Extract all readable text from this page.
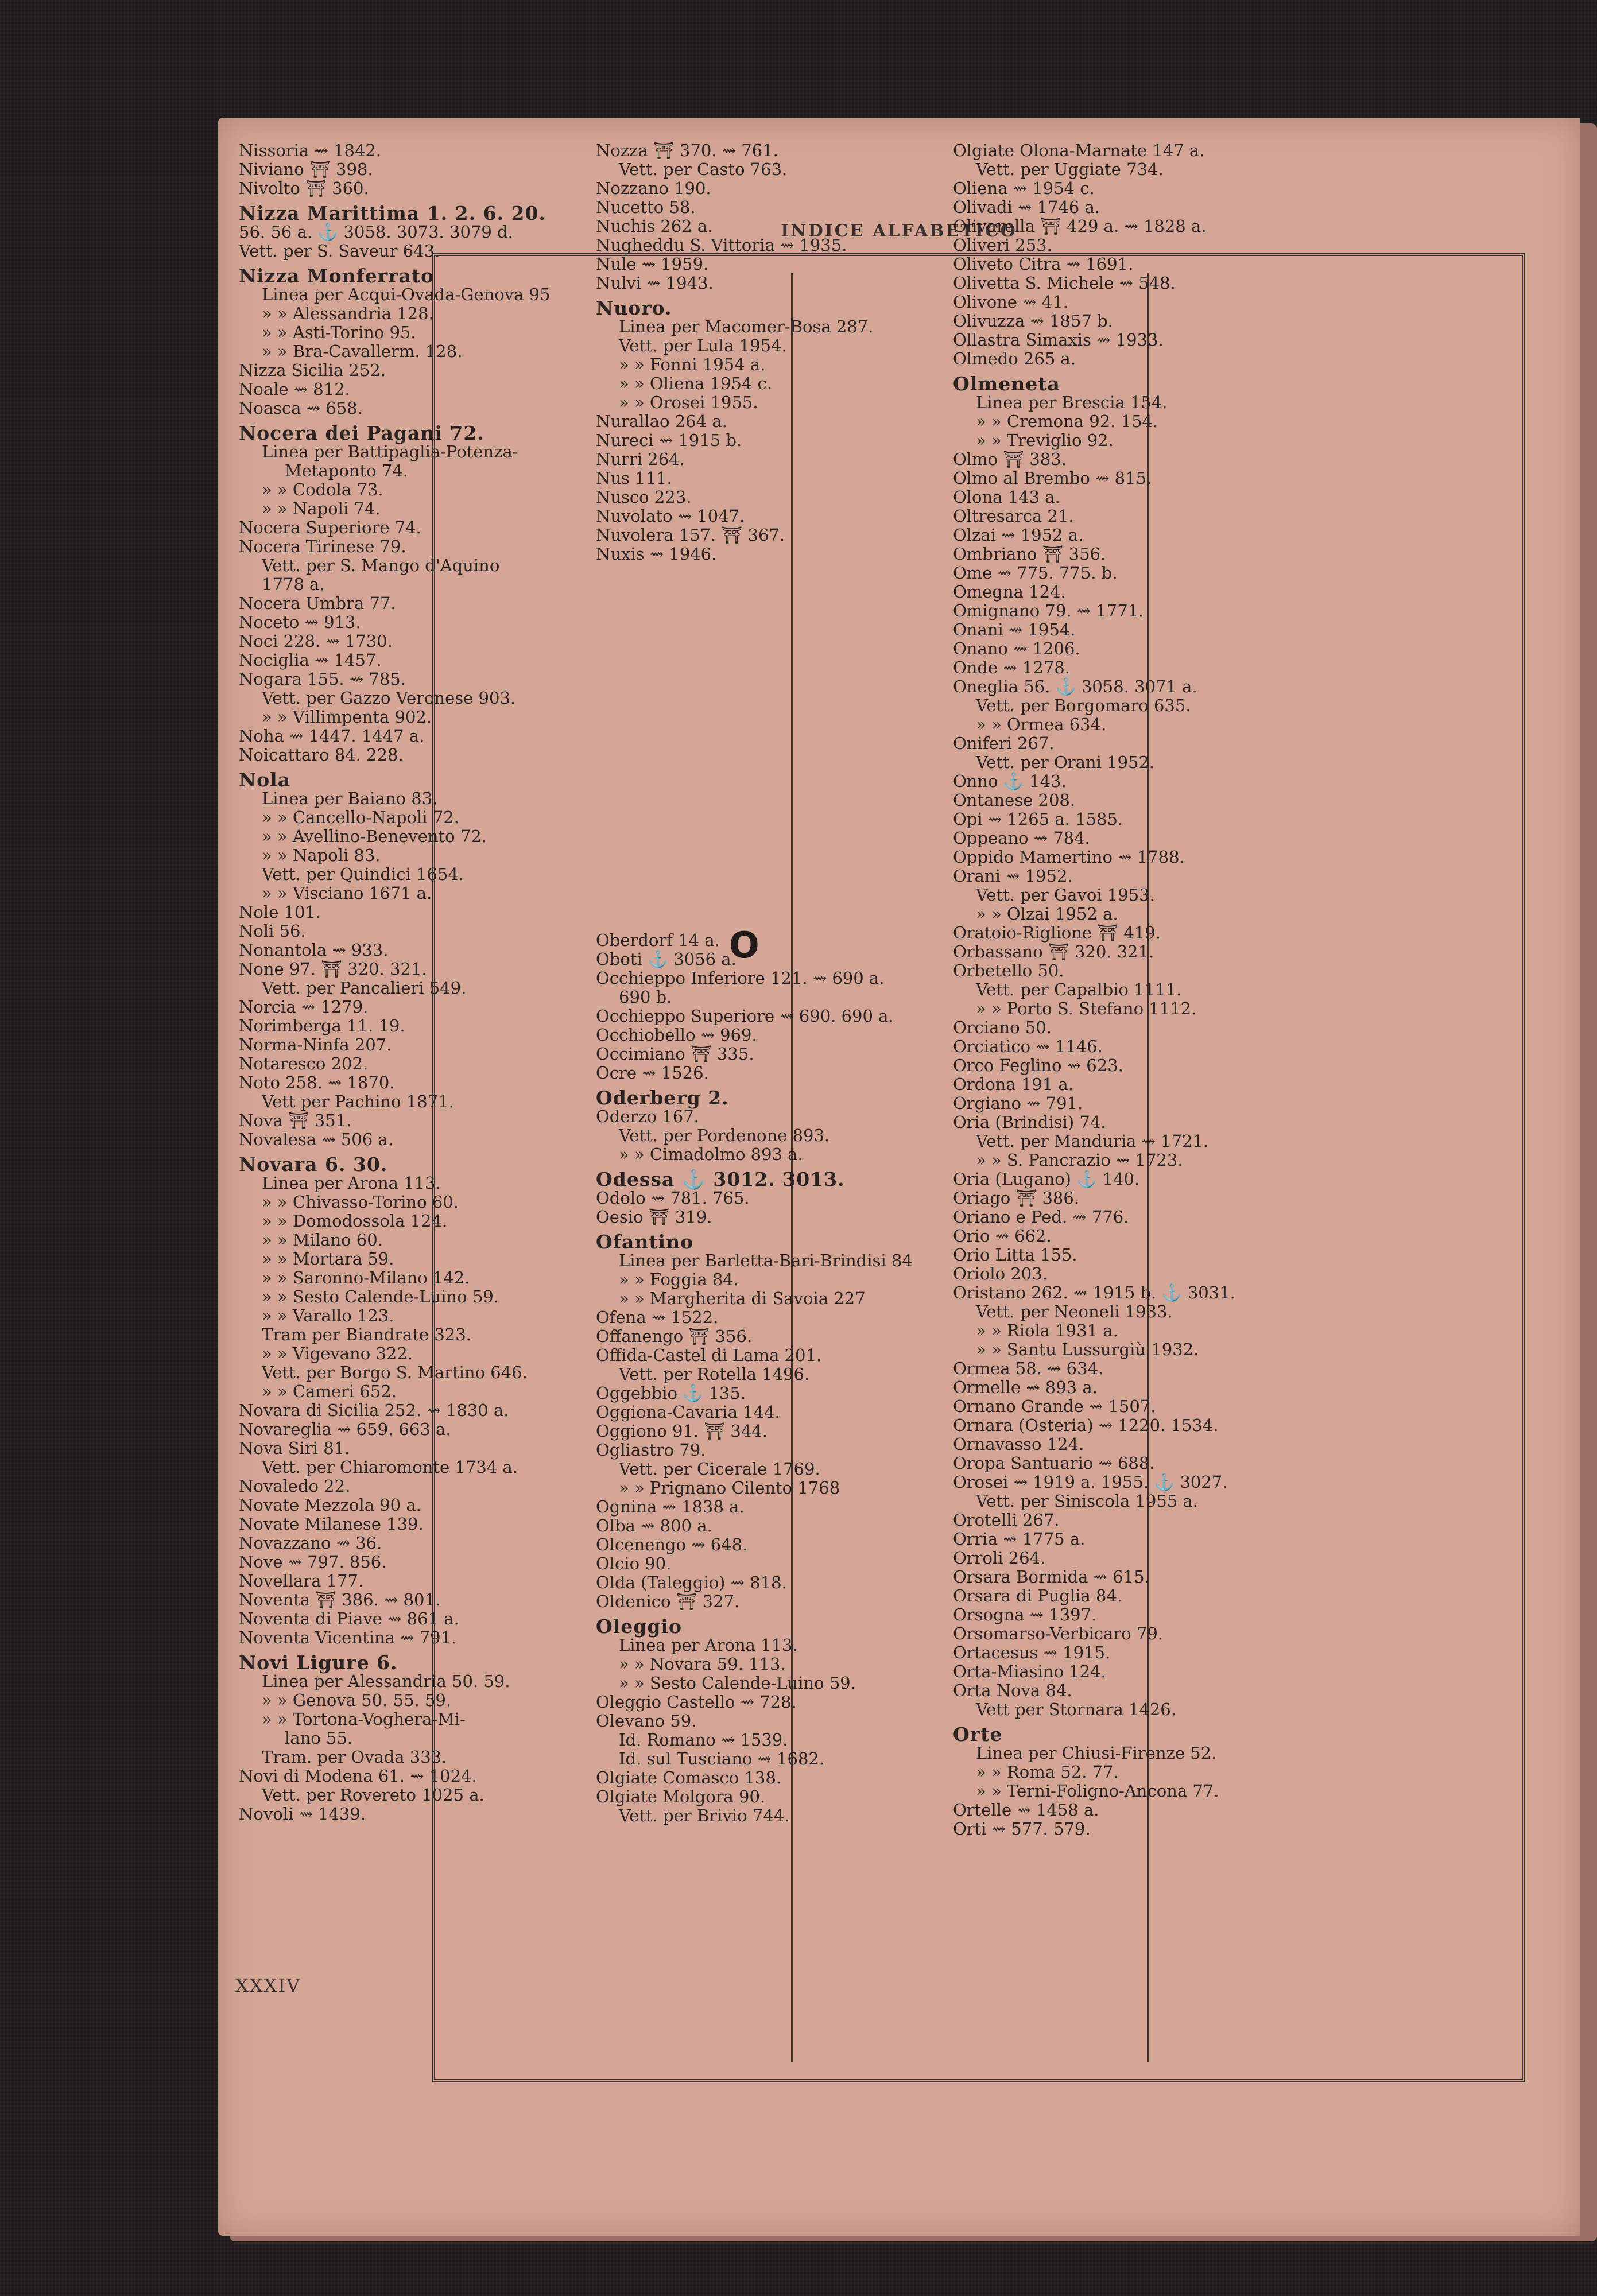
INDICE ALFABETICO
Nissoria ⇝ 1842.
Niviano ⛩ 398.
Nivolto ⛩ 360.
Nizza Marittima 1. 2. 6. 20.
56. 56 a. ⚓ 3058. 3073. 3079 d.
Vett. per S. Saveur 643.
Nizza Monferrato
Linea per Acqui-Ovada-Genova 95
» » Alessandria 128.
» » Asti-Torino 95.
» » Bra-Cavallerm. 128.
Nizza Sicilia 252.
Noale ⇝ 812.
Noasca ⇝ 658.
Nocera dei Pagani 72.
Linea per Battipaglia-Potenza-
Metaponto 74.
» » Codola 73.
» » Napoli 74.
Nocera Superiore 74.
Nocera Tirinese 79.
Vett. per S. Mango d'Aquino
1778 a.
Nocera Umbra 77.
Noceto ⇝ 913.
Noci 228. ⇝ 1730.
Nociglia ⇝ 1457.
Nogara 155. ⇝ 785.
Vett. per Gazzo Veronese 903.
» » Villimpenta 902.
Noha ⇝ 1447. 1447 a.
Noicattaro 84. 228.
Nola
Linea per Baiano 83.
» » Cancello-Napoli 72.
» » Avellino-Benevento 72.
» » Napoli 83.
Vett. per Quindici 1654.
» » Visciano 1671 a.
Nole 101.
Noli 56.
Nonantola ⇝ 933.
None 97. ⛩ 320. 321.
Vett. per Pancalieri 549.
Norcia ⇝ 1279.
Norimberga 11. 19.
Norma-Ninfa 207.
Notaresco 202.
Noto 258. ⇝ 1870.
Vett per Pachino 1871.
Nova ⛩ 351.
Novalesa ⇝ 506 a.
Novara 6. 30.
Linea per Arona 113.
» » Chivasso-Torino 60.
» » Domodossola 124.
» » Milano 60.
» » Mortara 59.
» » Saronno-Milano 142.
» » Sesto Calende-Luino 59.
» » Varallo 123.
Tram per Biandrate 323.
» » Vigevano 322.
Vett. per Borgo S. Martino 646.
» » Cameri 652.
Novara di Sicilia 252. ⇝ 1830 a.
Novareglia ⇝ 659. 663 a.
Nova Siri 81.
Vett. per Chiaromonte 1734 a.
Novaledo 22.
Novate Mezzola 90 a.
Novate Milanese 139.
Novazzano ⇝ 36.
Nove ⇝ 797. 856.
Novellara 177.
Noventa ⛩ 386. ⇝ 801.
Noventa di Piave ⇝ 861 a.
Noventa Vicentina ⇝ 791.
Novi Ligure 6.
Linea per Alessandria 50. 59.
» » Genova 50. 55. 59.
» » Tortona-Voghera-Mi-
lano 55.
Tram. per Ovada 333.
Novi di Modena 61. ⇝ 1024.
Vett. per Rovereto 1025 a.
Novoli ⇝ 1439.
Nozza ⛩ 370. ⇝ 761.
Vett. per Casto 763.
Nozzano 190.
Nucetto 58.
Nuchis 262 a.
Nugheddu S. Vittoria ⇝ 1935.
Nule ⇝ 1959.
Nulvi ⇝ 1943.
Nuoro.
Linea per Macomer-Bosa 287.
Vett. per Lula 1954.
» » Fonni 1954 a.
» » Oliena 1954 c.
» » Orosei 1955.
Nurallao 264 a.
Nureci ⇝ 1915 b.
Nurri 264.
Nus 111.
Nusco 223.
Nuvolato ⇝ 1047.
Nuvolera 157. ⛩ 367.
Nuxis ⇝ 1946.
Oberdorf 14 a.
Oboti ⚓ 3056 a.
Occhieppo Inferiore 121. ⇝ 690 a.
690 b.
Occhieppo Superiore ⇝ 690. 690 a.
Occhiobello ⇝ 969.
Occimiano ⛩ 335.
Ocre ⇝ 1526.
Oderberg 2.
Oderzo 167.
Vett. per Pordenone 893.
» » Cimadolmo 893 a.
Odessa ⚓ 3012. 3013.
Odolo ⇝ 781. 765.
Oesio ⛩ 319.
Ofantino
Linea per Barletta-Bari-Brindisi 84
» » Foggia 84.
» » Margherita di Savoia 227
Ofena ⇝ 1522.
Offanengo ⛩ 356.
Offida-Castel di Lama 201.
Vett. per Rotella 1496.
Oggebbio ⚓ 135.
Oggiona-Cavaria 144.
Oggiono 91. ⛩ 344.
Ogliastro 79.
Vett. per Cicerale 1769.
» » Prignano Cilento 1768
Ognina ⇝ 1838 a.
Olba ⇝ 800 a.
Olcenengo ⇝ 648.
Olcio 90.
Olda (Taleggio) ⇝ 818.
Oldenico ⛩ 327.
Oleggio
Linea per Arona 113.
» » Novara 59. 113.
» » Sesto Calende-Luino 59.
Oleggio Castello ⇝ 728.
Olevano 59.
Id. Romano ⇝ 1539.
Id. sul Tusciano ⇝ 1682.
Olgiate Comasco 138.
Olgiate Molgora 90.
Vett. per Brivio 744.
Olgiate Olona-Marnate 147 a.
Vett. per Uggiate 734.
Oliena ⇝ 1954 c.
Olivadi ⇝ 1746 a.
Olivarella ⛩ 429 a. ⇝ 1828 a.
Oliveri 253.
Oliveto Citra ⇝ 1691.
Olivetta S. Michele ⇝ 548.
Olivone ⇝ 41.
Olivuzza ⇝ 1857 b.
Ollastra Simaxis ⇝ 1933.
Olmedo 265 a.
Olmeneta
Linea per Brescia 154.
» » Cremona 92. 154.
» » Treviglio 92.
Olmo ⛩ 383.
Olmo al Brembo ⇝ 815.
Olona 143 a.
Oltresarca 21.
Olzai ⇝ 1952 a.
Ombriano ⛩ 356.
Ome ⇝ 775. 775. b.
Omegna 124.
Omignano 79. ⇝ 1771.
Onani ⇝ 1954.
Onano ⇝ 1206.
Onde ⇝ 1278.
Oneglia 56. ⚓ 3058. 3071 a.
Vett. per Borgomaro 635.
» » Ormea 634.
Oniferi 267.
Vett. per Orani 1952.
Onno ⚓ 143.
Ontanese 208.
Opi ⇝ 1265 a. 1585.
Oppeano ⇝ 784.
Oppido Mamertino ⇝ 1788.
Orani ⇝ 1952.
Vett. per Gavoi 1953.
» » Olzai 1952 a.
Oratoio-Riglione ⛩ 419.
Orbassano ⛩ 320. 321.
Orbetello 50.
Vett. per Capalbio 1111.
» » Porto S. Stefano 1112.
Orciano 50.
Orciatico ⇝ 1146.
Orco Feglino ⇝ 623.
Ordona 191 a.
Orgiano ⇝ 791.
Oria (Brindisi) 74.
Vett. per Manduria ⇝ 1721.
» » S. Pancrazio ⇝ 1723.
Oria (Lugano) ⚓ 140.
Oriago ⛩ 386.
Oriano e Ped. ⇝ 776.
Orio ⇝ 662.
Orio Litta 155.
Oriolo 203.
Oristano 262. ⇝ 1915 b. ⚓ 3031.
Vett. per Neoneli 1933.
» » Riola 1931 a.
» » Santu Lussurgiù 1932.
Ormea 58. ⇝ 634.
Ormelle ⇝ 893 a.
Ornano Grande ⇝ 1507.
Ornara (Osteria) ⇝ 1220. 1534.
Ornavasso 124.
Oropa Santuario ⇝ 688.
Orosei ⇝ 1919 a. 1955. ⚓ 3027.
Vett. per Siniscola 1955 a.
Orotelli 267.
Orria ⇝ 1775 a.
Orroli 264.
Orsara Bormida ⇝ 615.
Orsara di Puglia 84.
Orsogna ⇝ 1397.
Orsomarso-Verbicaro 79.
Ortacesus ⇝ 1915.
Orta-Miasino 124.
Orta Nova 84.
Vett per Stornara 1426.
Orte
Linea per Chiusi-Firenze 52.
» » Roma 52. 77.
» » Terni-Foligno-Ancona 77.
Ortelle ⇝ 1458 a.
Orti ⇝ 577. 579.
O
XXXIV
